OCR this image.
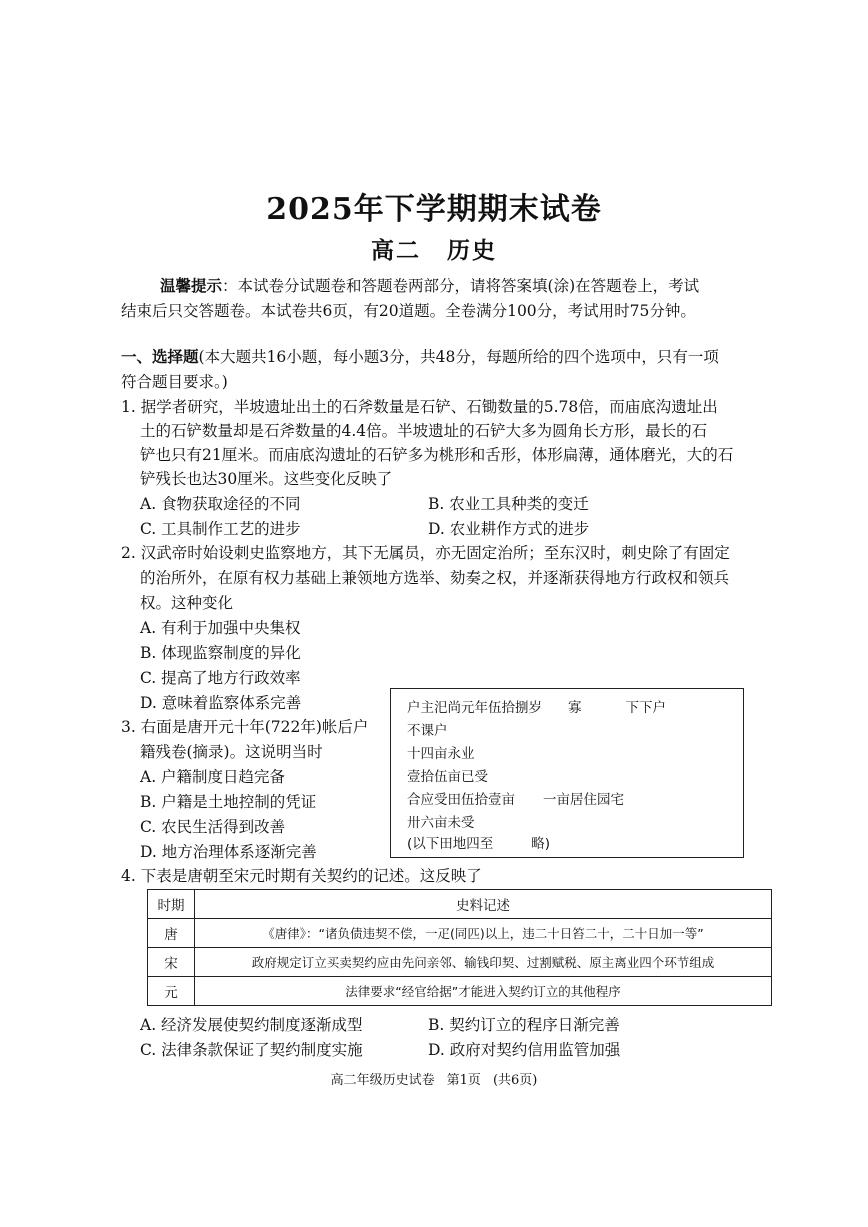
2025年下学期期末试卷
高二 历史
温馨提示：本试卷分试题卷和答题卷两部分，请将答案填(涂)在答题卷上，考试
结束后只交答题卷。本试卷共6页，有20道题。全卷满分100分，考试用时75分钟。
一、选择题(本大题共16小题，每小题3分，共48分，每题所给的四个选项中，只有一项
符合题目要求。)
1. 据学者研究，半坡遗址出土的石斧数量是石铲、石锄数量的5.78倍，而庙底沟遗址出
土的石铲数量却是石斧数量的4.4倍。半坡遗址的石铲大多为圆角长方形，最长的石
铲也只有21厘米。而庙底沟遗址的石铲多为桃形和舌形，体形扁薄，通体磨光，大的石
铲残长也达30厘米。这些变化反映了
A. 食物获取途径的不同	B. 农业工具种类的变迁
C. 工具制作工艺的进步	D. 农业耕作方式的进步
2. 汉武帝时始设刺史监察地方，其下无属员，亦无固定治所；至东汉时，刺史除了有固定
的治所外，在原有权力基础上兼领地方选举、劾奏之权，并逐渐获得地方行政权和领兵
权。这种变化
A. 有利于加强中央集权
B. 体现监察制度的异化
C. 提高了地方行政效率
D. 意味着监察体系完善
3. 右面是唐开元十年(722年)帐后户
籍残卷(摘录)。这说明当时
A. 户籍制度日趋完备
B. 户籍是土地控制的凭证
C. 农民生活得到改善
D. 地方治理体系逐渐完善
户主汜尚元年伍拾捌岁 寡	下下户
不课户
十四亩永业
壹拾伍亩已受
合应受田伍拾壹亩 一亩居住园宅
卅六亩未受
(以下田地四至	略)
4. 下表是唐朝至宋元时期有关契约的记述。这反映了
时期	史料记述
唐	《唐律》：“诸负债违契不偿，一疋(同匹)以上，违二十日笞二十，二十日加一等”
宋	政府规定订立买卖契约应由先问亲邻、输钱印契、过割赋税、原主离业四个环节组成
元	法律要求“经官给据”才能进入契约订立的其他程序
A. 经济发展使契约制度逐渐成型	B. 契约订立的程序日渐完善
C. 法律条款保证了契约制度实施	D. 政府对契约信用监管加强
高二年级历史试卷 第1页 (共6页)
